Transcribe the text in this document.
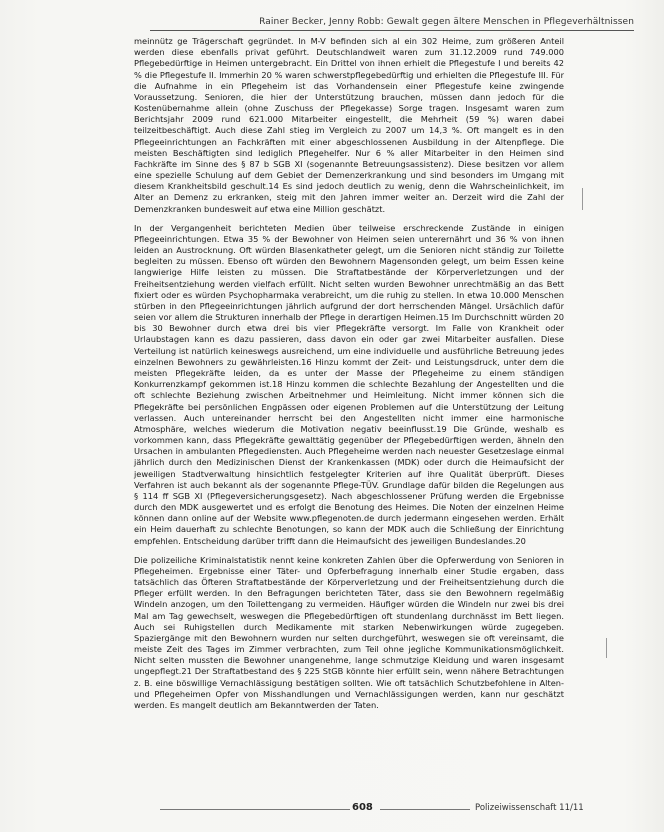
Rainer Becker, Jenny Robb: Gewalt gegen ältere Menschen in Pflegeverhältnissen

meinnütz ge Trägerschaft gegründet. In M-V befinden sich al ein 302 Heime, zum größeren Anteil werden diese ebenfalls privat geführt. Deutschlandweit waren zum 31.12.2009 rund 749.000 Pflegebedürftige in Heimen untergebracht. Ein Drittel von ihnen erhielt die Pflegestufe I und bereits 42 % die Pflegestufe II. Immerhin 20 % waren schwerstpflegebedürftig und erhielten die Pflegestufe III. Für die Aufnahme in ein Pflegeheim ist das Vorhandensein einer Pflegestufe keine zwingende Voraussetzung. Senioren, die hier der Unterstützung brauchen, müssen dann jedoch für die Kostenübernahme allein (ohne Zuschuss der Pflegekasse) Sorge tragen. Insgesamt waren zum Berichtsjahr 2009 rund 621.000 Mitarbeiter eingestellt, die Mehrheit (59 %) waren dabei teilzeitbeschäftigt. Auch diese Zahl stieg im Vergleich zu 2007 um 14,3 %. Oft mangelt es in den Pflegeeinrichtungen an Fachkräften mit einer abgeschlossenen Ausbildung in der Altenpflege. Die meisten Beschäftigten sind lediglich Pflegehelfer. Nur 6 % aller Mitarbeiter in den Heimen sind Fachkräfte im Sinne des § 87 b SGB XI (sogenannte Betreuungsassistenz). Diese besitzen vor allem eine spezielle Schulung auf dem Gebiet der Demenzerkrankung und sind besonders im Umgang mit diesem Krankheitsbild geschult.14 Es sind jedoch deutlich zu wenig, denn die Wahrscheinlichkeit, im Alter an Demenz zu erkranken, steig mit den Jahren immer weiter an. Derzeit wird die Zahl der Demenzkranken bundesweit auf etwa eine Million geschätzt.

In der Vergangenheit berichteten Medien über teilweise erschreckende Zustände in einigen Pflegeeinrichtungen. Etwa 35 % der Bewohner von Heimen seien unterernährt und 36 % von ihnen leiden an Austrocknung. Oft würden Blasenkatheter gelegt, um die Senioren nicht ständig zur Toilette begleiten zu müssen. Ebenso oft würden den Bewohnern Magensonden gelegt, um beim Essen keine langwierige Hilfe leisten zu müssen. Die Straftatbestände der Körperverletzungen und der Freiheitsentziehung werden vielfach erfüllt. Nicht selten wurden Bewohner unrechtmäßig an das Bett fixiert oder es würden Psychopharmaka verabreicht, um die ruhig zu stellen. In etwa 10.000 Menschen stürben in den Pflegeeinrichtungen jährlich aufgrund der dort herrschenden Mängel. Ursächlich dafür seien vor allem die Strukturen innerhalb der Pflege in derartigen Heimen.15 Im Durchschnitt würden 20 bis 30 Bewohner durch etwa drei bis vier Pflegekräfte versorgt. Im Falle von Krankheit oder Urlaubstagen kann es dazu passieren, dass davon ein oder gar zwei Mitarbeiter ausfallen. Diese Verteilung ist natürlich keineswegs ausreichend, um eine individuelle und ausführliche Betreuung jedes einzelnen Bewohners zu gewährleisten.16 Hinzu kommt der Zeit- und Leistungsdruck, unter dem die meisten Pflegekräfte leiden, da es unter der Masse der Pflegeheime zu einem ständigen Konkurrenzkampf gekommen ist.18 Hinzu kommen die schlechte Bezahlung der Angestellten und die oft schlechte Beziehung zwischen Arbeitnehmer und Heimleitung. Nicht immer können sich die Pflegekräfte bei persönlichen Engpässen oder eigenen Problemen auf die Unterstützung der Leitung verlassen. Auch untereinander herrscht bei den Angestellten nicht immer eine harmonische Atmosphäre, welches wiederum die Motivation negativ beeinflusst.19 Die Gründe, weshalb es vorkommen kann, dass Pflegekräfte gewalttätig gegenüber der Pflegebedürftigen werden, ähneln den Ursachen in ambulanten Pflegediensten. Auch Pflegeheime werden nach neuester Gesetzeslage einmal jährlich durch den Medizinischen Dienst der Krankenkassen (MDK) oder durch die Heimaufsicht der jeweiligen Stadtverwaltung hinsichtlich festgelegter Kriterien auf ihre Qualität überprüft. Dieses Verfahren ist auch bekannt als der sogenannte Pflege-TÜV. Grundlage dafür bilden die Regelungen aus § 114 ff SGB XI (Pflegeversicherungsgesetz). Nach abgeschlossener Prüfung werden die Ergebnisse durch den MDK ausgewertet und es erfolgt die Benotung des Heimes. Die Noten der einzelnen Heime können dann online auf der Website www.pflegenoten.de durch jedermann eingesehen werden. Erhält ein Heim dauerhaft zu schlechte Benotungen, so kann der MDK auch die Schließung der Einrichtung empfehlen. Entscheidung darüber trifft dann die Heimaufsicht des jeweiligen Bundeslandes.20

Die polizeiliche Kriminalstatistik nennt keine konkreten Zahlen über die Opferwerdung von Senioren in Pflegeheimen. Ergebnisse einer Täter- und Opferbefragung innerhalb einer Studie ergaben, dass tatsächlich das Öfteren Straftatbestände der Körperverletzung und der Freiheitsentziehung durch die Pfleger erfüllt werden. In den Befragungen berichteten Täter, dass sie den Bewohnern regelmäßig Windeln anzogen, um den Toilettengang zu vermeiden. Häufiger würden die Windeln nur zwei bis drei Mal am Tag gewechselt, weswegen die Pflegebedürftigen oft stundenlang durchnässt im Bett liegen. Auch sei Ruhigstellen durch Medikamente mit starken Nebenwirkungen würde zugegeben. Spaziergänge mit den Bewohnern wurden nur selten durchgeführt, weswegen sie oft vereinsamt, die meiste Zeit des Tages im Zimmer verbrachten, zum Teil ohne jegliche Kommunikationsmöglichkeit. Nicht selten mussten die Bewohner unangenehme, lange schmutzige Kleidung und waren insgesamt ungepflegt.21 Der Straftatbestand des § 225 StGB könnte hier erfüllt sein, wenn nähere Betrachtungen z. B. eine böswillige Vernachlässigung bestätigen sollten. Wie oft tatsächlich Schutzbefohlene in Alten- und Pflegeheimen Opfer von Misshandlungen und Vernachlässigungen werden, kann nur geschätzt werden. Es mangelt deutlich am Bekanntwerden der Taten.

608	Polizeiwissenschaft 11/11
